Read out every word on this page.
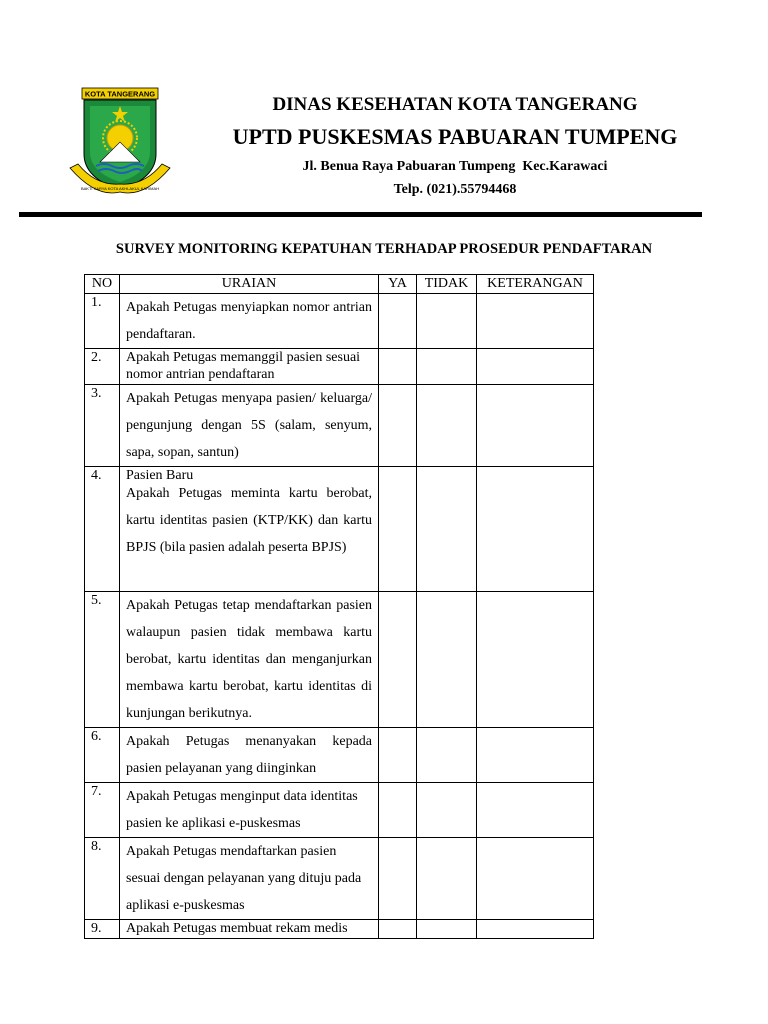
KOTA TANGERANG
BAKTI KARYA KOTA AKHLAKUL KARIMAH
DINAS KESEHATAN KOTA TANGERANG
UPTD PUSKESMAS PABUARAN TUMPENG
Jl. Benua Raya Pabuaran Tumpeng  Kec.Karawaci
Telp. (021).55794468
SURVEY MONITORING KEPATUHAN TERHADAP PROSEDUR PENDAFTARAN
NO	URAIAN	YA	TIDAK	KETERANGAN
1.	Apakah Petugas menyiapkan nomor antrian pendaftaran.			
2.	Apakah Petugas memanggil pasien sesuai nomor antrian pendaftaran			
3.	Apakah Petugas menyapa pasien/ keluarga/ pengunjung dengan 5S (salam, senyum, sapa, sopan, santun)			
4.	Pasien Baru
Apakah Petugas meminta kartu berobat, kartu identitas pasien (KTP/KK) dan kartu BPJS (bila pasien adalah peserta BPJS)			

5.	Apakah Petugas tetap mendaftarkan pasien walaupun pasien tidak membawa kartu berobat, kartu identitas dan menganjurkan membawa kartu berobat, kartu identitas di kunjungan berikutnya.			
6.	Apakah Petugas menanyakan kepada pasien pelayanan yang diinginkan			
7.	Apakah Petugas menginput data identitas pasien ke aplikasi e-puskesmas			
8.	Apakah Petugas mendaftarkan pasien sesuai dengan pelayanan yang dituju pada aplikasi e-puskesmas			
9.	Apakah Petugas membuat rekam medis			
